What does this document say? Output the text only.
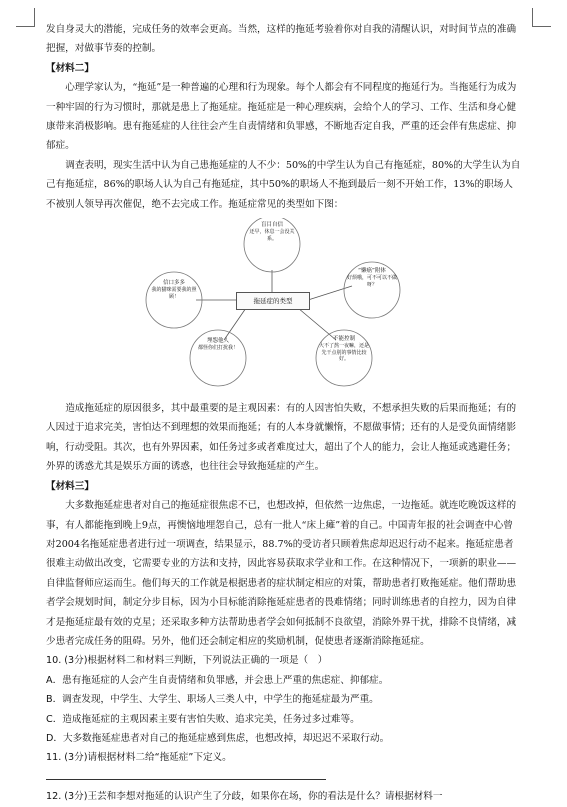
发自身灵大的潜能，完成任务的效率会更高。当然，这样的拖延考验着你对自我的清醒认识，对时间节点的准确把握，对做事节奏的控制。

【材料二】

心理学家认为，“拖延”是一种普遍的心理和行为现象。每个人都会有不同程度的拖延行为。当拖延行为成为一种牢固的行为习惯时，那就是患上了拖延症。拖延症是一种心理疾病，会给个人的学习、工作、生活和身心健康带来消极影响。患有拖延症的人往往会产生自责情绪和负罪感，不断地否定自我，严重的还会伴有焦虑症、抑郁症。

调查表明，现实生活中认为自己患拖延症的人不少：50%的中学生认为自己有拖延症，80%的大学生认为自己有拖延症，86%的职场人认为自己有拖延症，其中50%的职场人不拖到最后一刻不开始工作，13%的职场人不被别人领导再次催促，绝不去完成工作。拖延症常见的类型如下图：

盲目自信
还早，休息一会没关系。
“懒癌”附体
好烦哦，可不可以不做呀？
不能控制
大不了熬一夜嘛，还是先干点别的事情比较好。
埋怨他人
都怪你们打扰我！
信口多多
我的猫咪需要我的照顾！
拖延症的类型

造成拖延症的原因很多，其中最重要的是主观因素：有的人因害怕失败，不想承担失败的后果而拖延；有的人因过于追求完美，害怕达不到理想的效果而拖延；有的人本身就懒惰，不愿做事情；还有的人是受负面情绪影响，行动受阻。其次，也有外界因素，如任务过多或者难度过大，超出了个人的能力，会让人拖延或逃避任务；外界的诱惑尤其是娱乐方面的诱惑，也往往会导致拖延症的产生。

【材料三】

大多数拖延症患者对自己的拖延症很焦虑不已，也想改掉，但依然一边焦虑，一边拖延。就连吃晚饭这样的事，有人都能拖到晚上9点，再懊恼地埋怨自己，总有一批人“床上瘫”着的自己。中国青年报的社会调查中心曾对2004名拖延症患者进行过一项调查，结果显示，88.7%的受访者只顾着焦虑却迟迟行动不起来。拖延症患者很难主动做出改变，它需要专业的方法和支持，因此容易获取求学业和工作。在这种情况下，一项新的职业——自律监督师应运而生。他们每天的工作就是根据患者的症状制定相应的对策，帮助患者打败拖延症。他们帮助患者学会规划时间，制定分步目标，因为小目标能消除拖延症患者的畏难情绪；同时训练患者的自控力，因为自律才是拖延症最有效的克星；还采取多种方法帮助患者学会如何抵制不良欲望，消除外界干扰，排除不良情绪，减少患者完成任务的阻碍。另外，他们还会制定相应的奖励机制，促使患者逐渐消除拖延症。

10. (3分)根据材料二和材料三判断，下列说法正确的一项是（　）

A．患有拖延症的人会产生自责情绪和负罪感，并会患上严重的焦虑症、抑郁症。

B．调查发现，中学生、大学生、职场人三类人中，中学生的拖延症最为严重。

C．造成拖延症的主观因素主要有害怕失败、追求完美，任务过多过难等。

D．大多数拖延症患者对自己的拖延症感到焦虑，也想改掉，却迟迟不采取行动。

11. (3分)请根据材料二给“拖延症”下定义。

12. (3分)王芸和李想对拖延的认识产生了分歧，如果你在场，你的看法是什么？请根据材料一
